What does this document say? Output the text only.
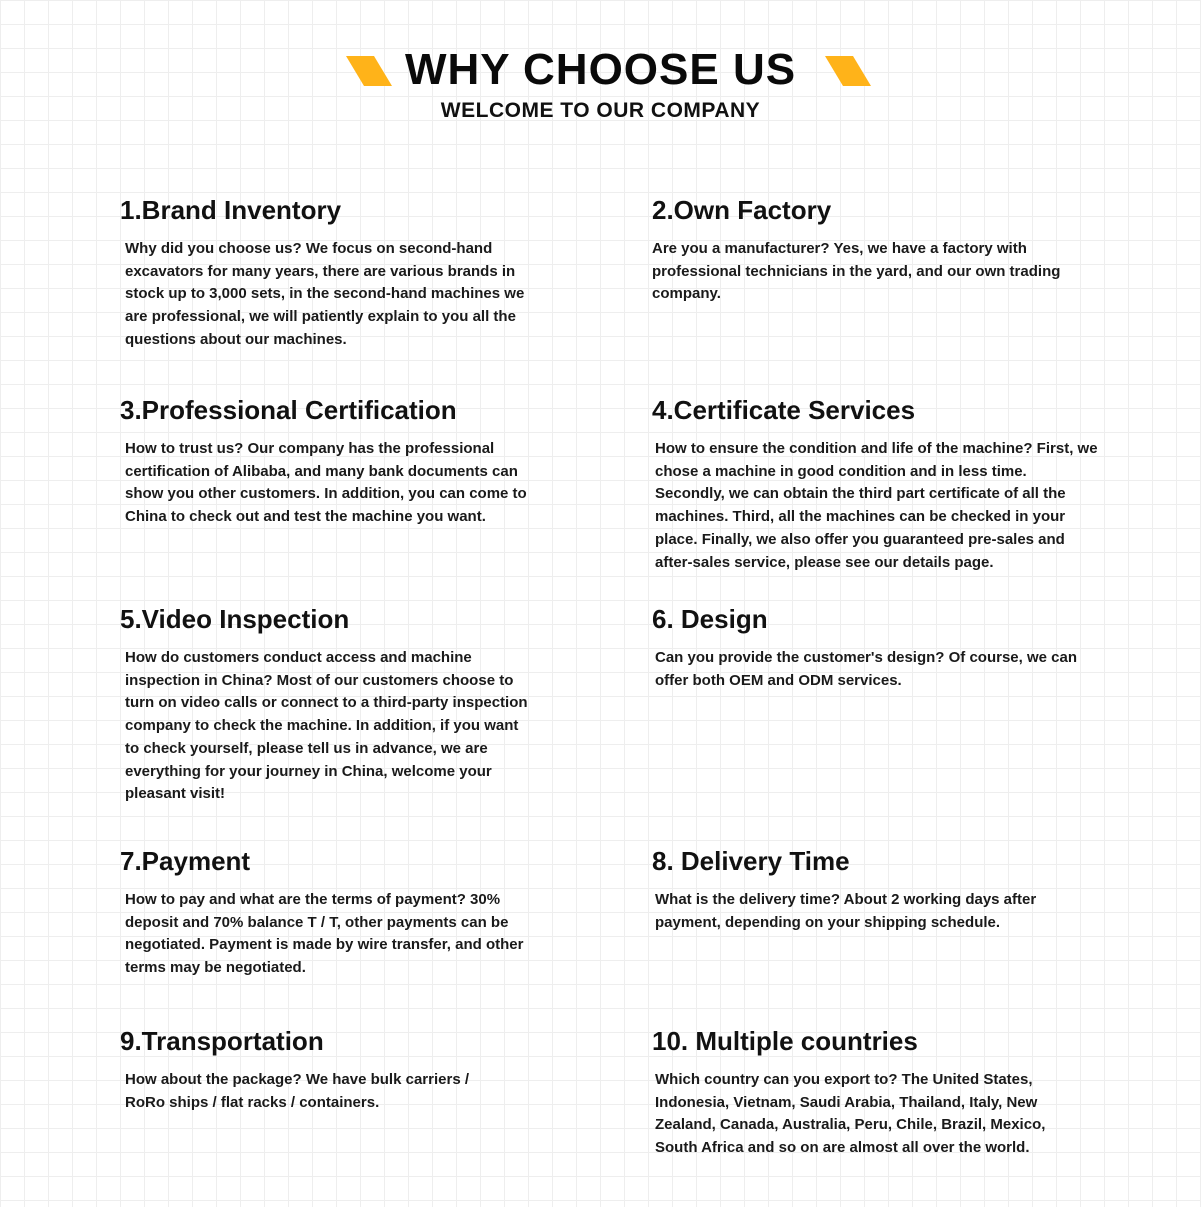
WHY CHOOSE US
WELCOME TO OUR COMPANY
1.Brand Inventory

Why did you choose us? We focus on second-hand excavators for many years, there are various brands in stock up to 3,000 sets, in the second-hand machines we are professional, we will patiently explain to you all the questions about our machines.

2.Own Factory

Are you a manufacturer? Yes, we have a factory with professional technicians in the yard, and our own trading company.

3.Professional Certification

How to trust us? Our company has the professional certification of Alibaba, and many bank documents can show you other customers. In addition, you can come to China to check out and test the machine you want.

4.Certificate Services

How to ensure the condition and life of the machine? First, we chose a machine in good condition and in less time. Secondly, we can obtain the third part certificate of all the machines. Third, all the machines can be checked in your place. Finally, we also offer you guaranteed pre-sales and after-sales service, please see our details page.

5.Video Inspection

How do customers conduct access and machine inspection in China? Most of our customers choose to turn on video calls or connect to a third-party inspection company to check the machine. In addition, if you want to check yourself, please tell us in advance, we are everything for your journey in China, welcome your pleasant visit!

6. Design

Can you provide the customer's design? Of course, we can offer both OEM and ODM services.

7.Payment

How to pay and what are the terms of payment? 30% deposit and 70% balance T / T, other payments can be negotiated. Payment is made by wire transfer, and other terms may be negotiated.

8. Delivery Time

What is the delivery time? About 2 working days after payment, depending on your shipping schedule.

9.Transportation

How about the package? We have bulk carriers / RoRo ships / flat racks / containers.

10. Multiple countries

Which country can you export to? The United States, Indonesia, Vietnam, Saudi Arabia, Thailand, Italy, New Zealand, Canada, Australia, Peru, Chile, Brazil, Mexico, South Africa and so on are almost all over the world.
